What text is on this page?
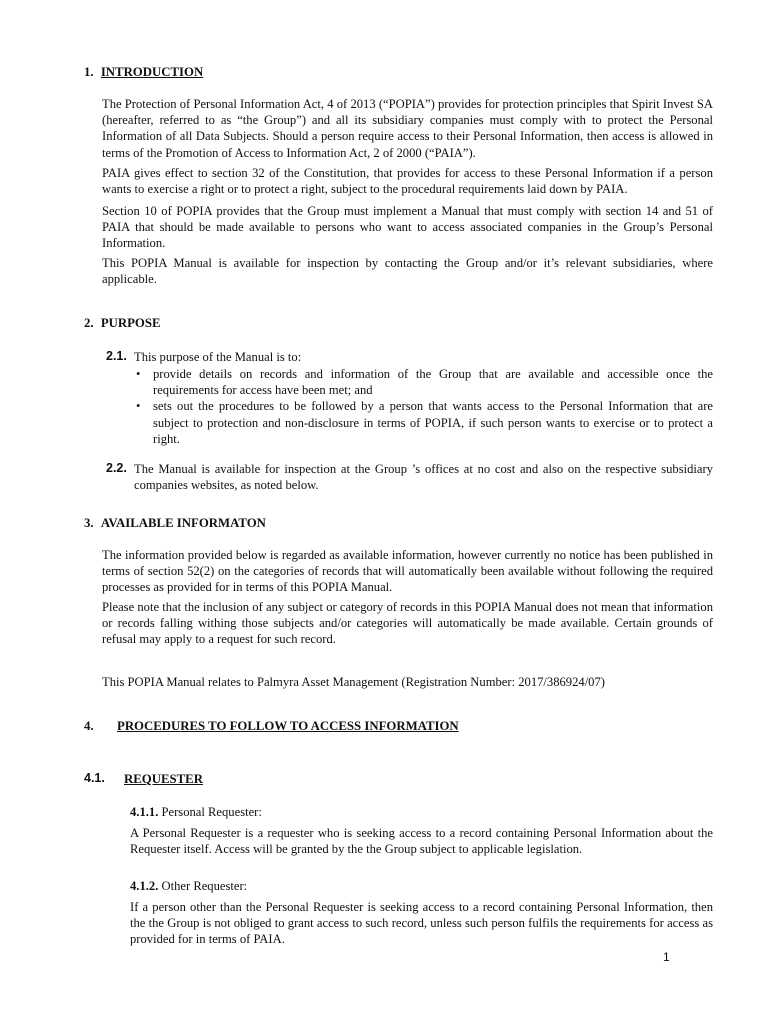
1. INTRODUCTION

The Protection of Personal Information Act, 4 of 2013 (“POPIA”) provides for protection principles that Spirit Invest SA (hereafter, referred to as “the Group”) and all its subsidiary companies must comply with to protect the Personal Information of all Data Subjects. Should a person require access to their Personal Information, then access is allowed in terms of the Promotion of Access to Information Act, 2 of 2000 (“PAIA”).

PAIA gives effect to section 32 of the Constitution, that provides for access to these Personal Information if a person wants to exercise a right or to protect a right, subject to the procedural requirements laid down by PAIA.

Section 10 of POPIA provides that the Group must implement a Manual that must comply with section 14 and 51 of PAIA that should be made available to persons who want to access associated companies in the Group’s Personal Information.

This POPIA Manual is available for inspection by contacting the Group and/or it’s relevant subsidiaries, where applicable.

2. PURPOSE
2.1. This purpose of the Manual is to:

• provide details on records and information of the Group that are available and accessible once the requirements for access have been met; and
• sets out the procedures to be followed by a person that wants access to the Personal Information that are subject to protection and non-disclosure in terms of POPIA, if such person wants to exercise or to protect a right.
2.2. The Manual is available for inspection at the Group ’s offices at no cost and also on the respective subsidiary companies websites, as noted below.

3. AVAILABLE INFORMATON

The information provided below is regarded as available information, however currently no notice has been published in terms of section 52(2) on the categories of records that will automatically been available without following the required processes as provided for in terms of this POPIA Manual.

Please note that the inclusion of any subject or category of records in this POPIA Manual does not mean that information or records falling withing those subjects and/or categories will automatically be made available. Certain grounds of refusal may apply to a request for such record.

This POPIA Manual relates to Palmyra Asset Management (Registration Number: 2017/386924/07)

4. PROCEDURES TO FOLLOW TO ACCESS INFORMATION
4.1. REQUESTER
4.1.1. Personal Requester:

A Personal Requester is a requester who is seeking access to a record containing Personal Information about the Requester itself. Access will be granted by the the Group subject to applicable legislation.

4.1.2. Other Requester:

If a person other than the Personal Requester is seeking access to a record containing Personal Information, then the the Group is not obliged to grant access to such record, unless such person fulfils the requirements for access as provided for in terms of PAIA.

1
